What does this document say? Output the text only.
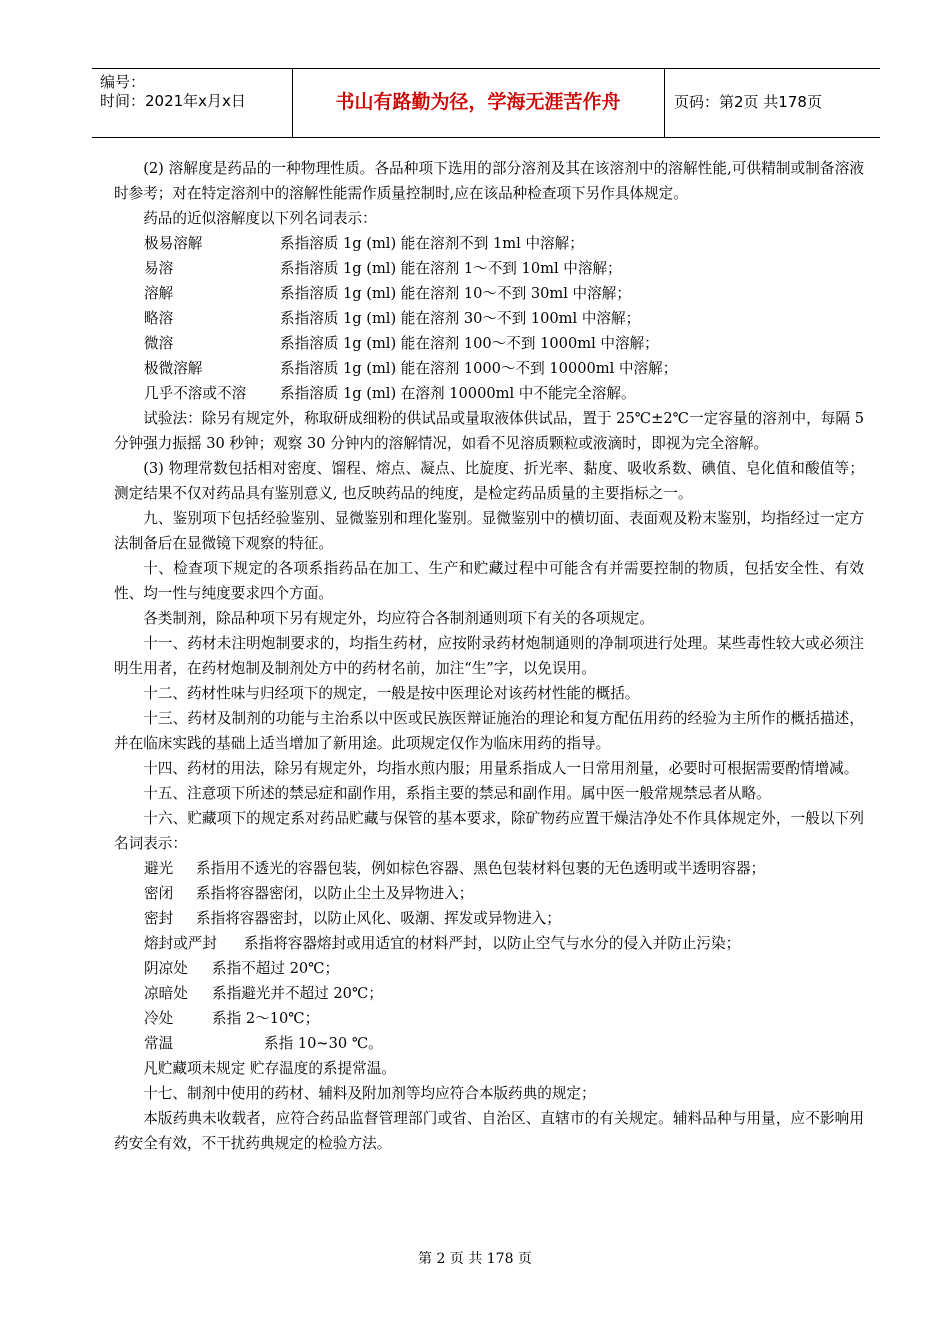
编号：
时间：2021年x月x日	书山有路勤为径，学海无涯苦作舟	页码：第2页 共178页

(2) 溶解度是药品的一种物理性质。各品种项下选用的部分溶剂及其在该溶剂中的溶解性能,可供精制或制备溶液时参考；对在特定溶剂中的溶解性能需作质量控制时,应在该品种检查项下另作具体规定。

药品的近似溶解度以下列名词表示：

极易溶解	系指溶质 1g (ml) 能在溶剂不到 1ml 中溶解；
易溶	系指溶质 1g (ml) 能在溶剂 1～不到 10ml 中溶解；
溶解	系指溶质 1g (ml) 能在溶剂 10～不到 30ml 中溶解；
略溶	系指溶质 1g (ml) 能在溶剂 30～不到 100ml 中溶解；
微溶	系指溶质 1g (ml) 能在溶剂 100～不到 1000ml 中溶解；
极微溶解	系指溶质 1g (ml) 能在溶剂 1000～不到 10000ml 中溶解；
几乎不溶或不溶	系指溶质 1g (ml) 在溶剂 10000ml 中不能完全溶解。

试验法：除另有规定外，称取研成细粉的供试品或量取液体供试品，置于 25℃±2℃一定容量的溶剂中，每隔 5 分钟强力振摇 30 秒钟；观察 30 分钟内的溶解情况，如看不见溶质颗粒或液滴时，即视为完全溶解。

(3) 物理常数包括相对密度、馏程、熔点、凝点、比旋度、折光率、黏度、吸收系数、碘值、皂化值和酸值等；测定结果不仅对药品具有鉴别意义, 也反映药品的纯度，是检定药品质量的主要指标之一。

九、鉴别项下包括经验鉴别、显微鉴别和理化鉴别。显微鉴别中的横切面、表面观及粉末鉴别，均指经过一定方法制备后在显微镜下观察的特征。

十、检查项下规定的各项系指药品在加工、生产和贮藏过程中可能含有并需要控制的物质，包括安全性、有效性、均一性与纯度要求四个方面。

各类制剂，除品种项下另有规定外，均应符合各制剂通则项下有关的各项规定。

十一、药材未注明炮制要求的，均指生药材，应按附录药材炮制通则的净制项进行处理。某些毒性较大或必须注明生用者，在药材炮制及制剂处方中的药材名前，加注“生”字，以免误用。

十二、药材性味与归经项下的规定，一般是按中医理论对该药材性能的概括。

十三、药材及制剂的功能与主治系以中医或民族医辩证施治的理论和复方配伍用药的经验为主所作的概括描述，并在临床实践的基础上适当增加了新用途。此项规定仅作为临床用药的指导。

十四、药材的用法，除另有规定外，均指水煎内服；用量系指成人一日常用剂量，必要时可根据需要酌情增减。

十五、注意项下所述的禁忌症和副作用，系指主要的禁忌和副作用。属中医一般常规禁忌者从略。

十六、贮藏项下的规定系对药品贮藏与保管的基本要求，除矿物药应置干燥洁净处不作具体规定外，一般以下列名词表示：

避光	系指用不透光的容器包装，例如棕色容器、黑色包装材料包裹的无色透明或半透明容器；
密闭	系指将容器密闭，以防止尘土及异物进入；
密封	系指将容器密封，以防止风化、吸潮、挥发或异物进入；
熔封或严封	系指将容器熔封或用适宜的材料严封，以防止空气与水分的侵入并防止污染；
阴凉处	系指不超过 20℃；
凉暗处	系指避光并不超过 20℃；
冷处	系指 2～10℃；
常温	系指 10~30 ℃。

凡贮藏项未规定 贮存温度的系提常温。

十七、制剂中使用的药材、辅料及附加剂等均应符合本版药典的规定；

本版药典未收载者，应符合药品监督管理部门或省、自治区、直辖市的有关规定。辅料品种与用量，应不影响用药安全有效，不干扰药典规定的检验方法。

第 2 页 共 178 页
